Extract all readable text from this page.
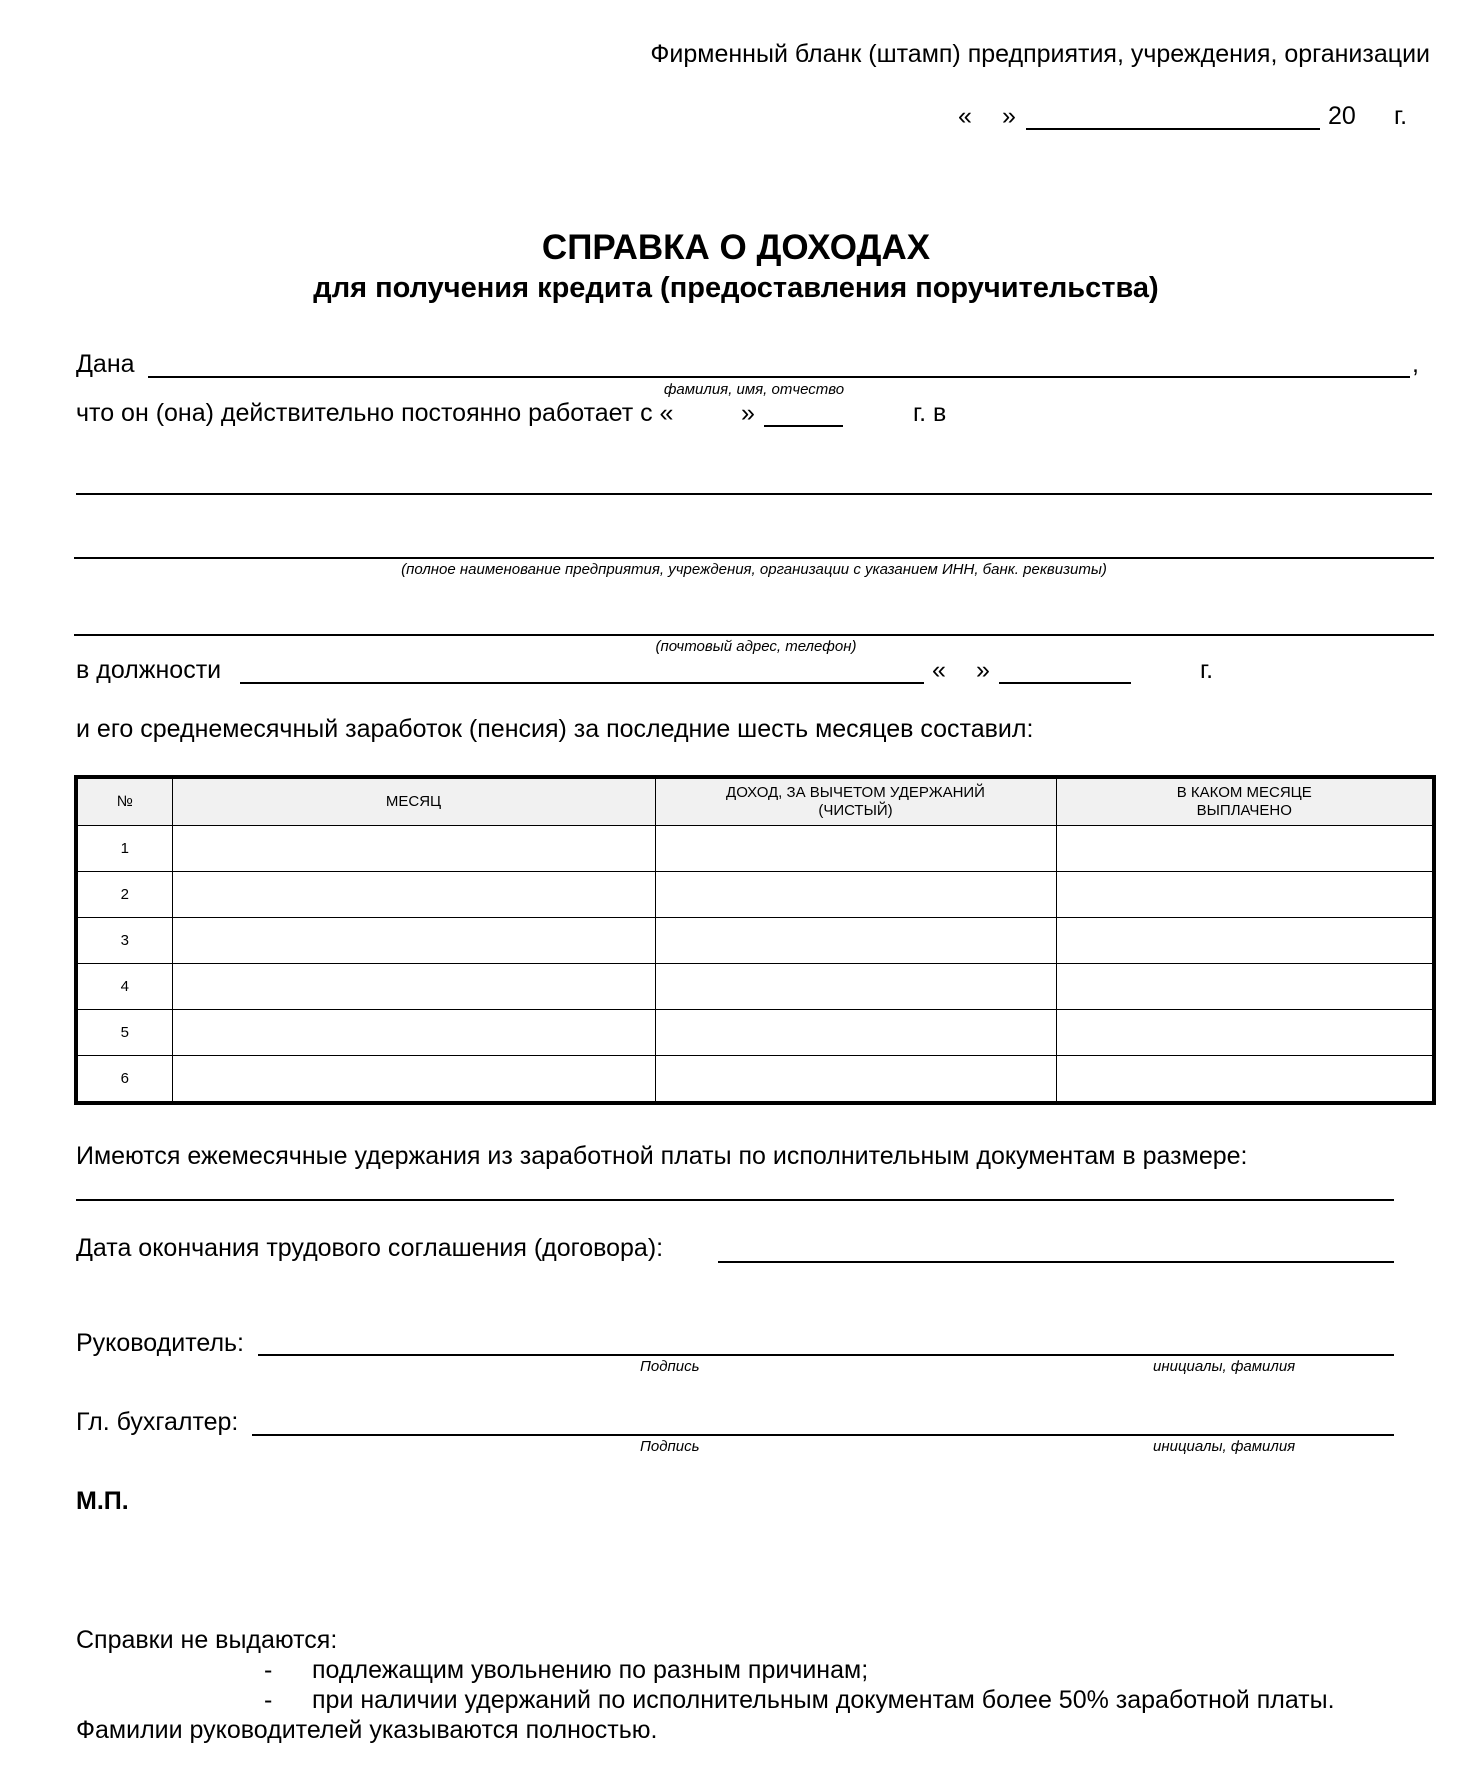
Фирменный бланк (штамп) предприятия, учреждения, организации
« »	20 г.
СПРАВКА О ДОХОДАХ
для получения кредита (предоставления поручительства)
Дана	,
фамилия, имя, отчество
что он (она) действительно постоянно работает с «	»	г. в
(полное наименование предприятия, учреждения, организации с указанием ИНН, банк. реквизиты)
(почтовый адрес, телефон)
в должности	« »	г.
и его среднемесячный заработок (пенсия) за последние шесть месяцев составил:
№	МЕСЯЦ	ДОХОД, ЗА ВЫЧЕТОМ УДЕРЖАНИЙ (ЧИСТЫЙ)	В КАКОМ МЕСЯЦЕ ВЫПЛАЧЕНО

1			
2			
3			
4			
5			
6			
Имеются ежемесячные удержания из заработной платы по исполнительным документам в размере:
Дата окончания трудового соглашения (договора):
Руководитель:
Подпись	инициалы, фамилия
Гл. бухгалтер:
Подпись	инициалы, фамилия
М.П.
Справки не выдаются:
- подлежащим увольнению по разным причинам;
- при наличии удержаний по исполнительным документам более 50% заработной платы.
Фамилии руководителей указываются полностью.
